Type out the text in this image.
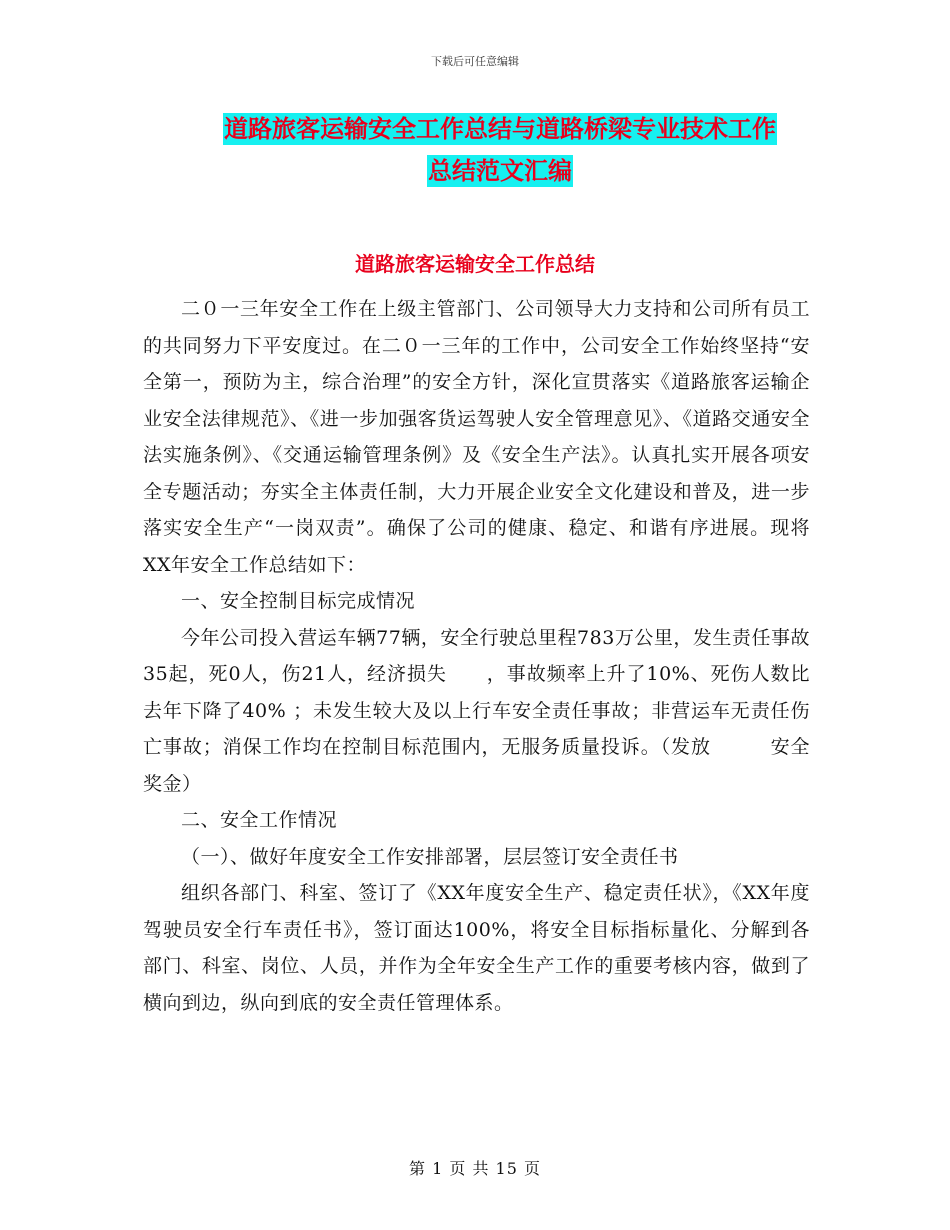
下载后可任意编辑
道路旅客运输安全工作总结与道路桥梁专业技术工作
总结范文汇编
道路旅客运输安全工作总结

二０一三年安全工作在上级主管部门、公司领导大力支持和公司所有员工的共同努力下平安度过。在二０一三年的工作中，公司安全工作始终坚持“安全第一，预防为主，综合治理”的安全方针，深化宣贯落实《道路旅客运输企业安全法律规范》、《进一步加强客货运驾驶人安全管理意见》、《道路交通安全法实施条例》、《交通运输管理条例》及《安全生产法》。认真扎实开展各项安全专题活动；夯实全主体责任制，大力开展企业安全文化建设和普及，进一步落实安全生产“一岗双责”。确保了公司的健康、稳定、和谐有序进展。现将XX年安全工作总结如下：

一、安全控制目标完成情况

今年公司投入营运车辆77辆，安全行驶总里程783万公里，发生责任事故35起，死0人，伤21人，经济损失　　，事故频率上升了10%、死伤人数比去年下降了40% ；未发生较大及以上行车安全责任事故；非营运车无责任伤亡事故；消保工作均在控制目标范围内，无服务质量投诉。（发放　　　安全奖金）

二、安全工作情况

（一）、做好年度安全工作安排部署，层层签订安全责任书

组织各部门、科室、签订了《XX年度安全生产、稳定责任状》，《XX年度驾驶员安全行车责任书》，签订面达100%，将安全目标指标量化、分解到各部门、科室、岗位、人员，并作为全年安全生产工作的重要考核内容，做到了横向到边，纵向到底的安全责任管理体系。

第 1 页 共 15 页
